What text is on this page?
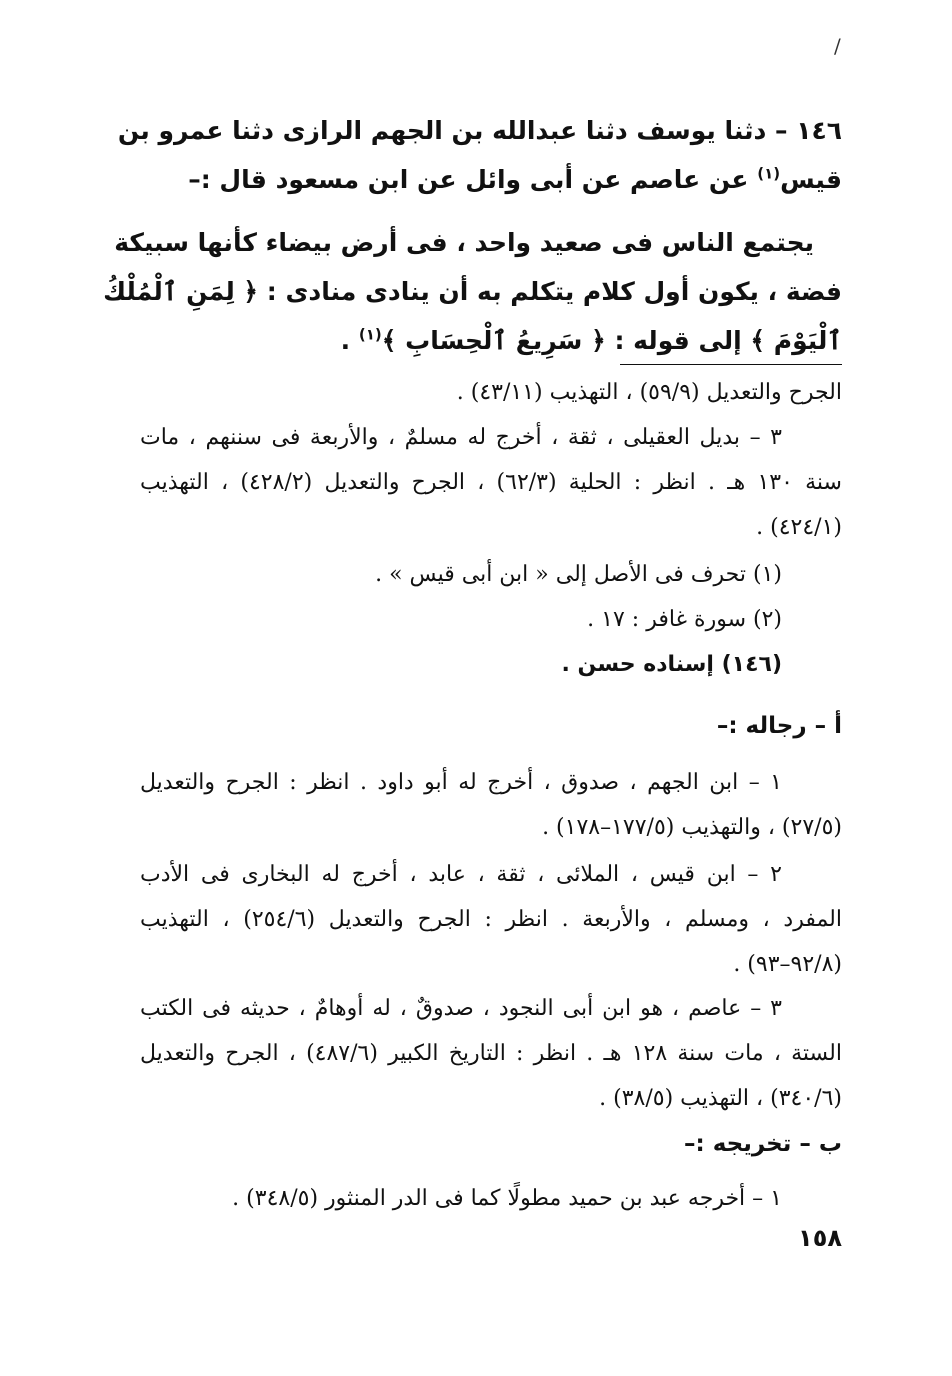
/
١٤٦ – دثنا يوسف دثنا عبدالله بن الجهم الرازى دثنا عمرو بن
قيس$^{(١)}$ عن عاصم عن أبى وائل عن ابن مسعود قال :–
يجتمع الناس فى صعيد واحد ، فى أرض بيضاء كأنها سبيكة
فضة ، يكون أول كلام يتكلم به أن ينادى منادى : ﴿ لِمَنِ ٱلْمُلْكُ
ٱلْيَوْمَ ﴾ إلى قوله : ﴿ سَرِيعُ ٱلْحِسَابِ ﴾$^{(١)}$ .
الجرح والتعديل (٥٩/٩) ، التهذيب (٤٣/١١) .
٣ – بديل العقيلى ، ثقة ، أخرج له مسلمٌ ، والأربعة فى سننهم ، مات
سنة ١٣٠ هـ . انظر : الحلية (٦٢/٣) ، الجرح والتعديل (٤٢٨/٢) ، التهذيب
(٤٢٤/١) .
(١) تحرف فى الأصل إلى « ابن أبى قيس » .
(٢) سورة غافر : ١٧ .
(١٤٦) إسناده حسن .
أ – رجاله :–
١ – ابن الجهم ، صدوق ، أخرج له أبو داود . انظر : الجرح والتعديل
(٢٧/٥) ، والتهذيب (١٧٧/٥–١٧٨) .
٢ – ابن قيس ، الملائى ، ثقة ، عابد ، أخرج له البخارى فى الأدب
المفرد ، ومسلم ، والأربعة . انظر : الجرح والتعديل (٢٥٤/٦) ، التهذيب
(٩٢/٨–٩٣) .
٣ – عاصم ، هو ابن أبى النجود ، صدوقٌ ، له أوهامٌ ، حديثه فى الكتب
الستة ، مات سنة ١٢٨ هـ . انظر : التاريخ الكبير (٤٨٧/٦) ، الجرح والتعديل
(٣٤٠/٦) ، التهذيب (٣٨/٥) .
ب – تخريجه :–
١ – أخرجه عبد بن حميد مطولًا كما فى الدر المنثور (٣٤٨/٥) .
١٥٨
